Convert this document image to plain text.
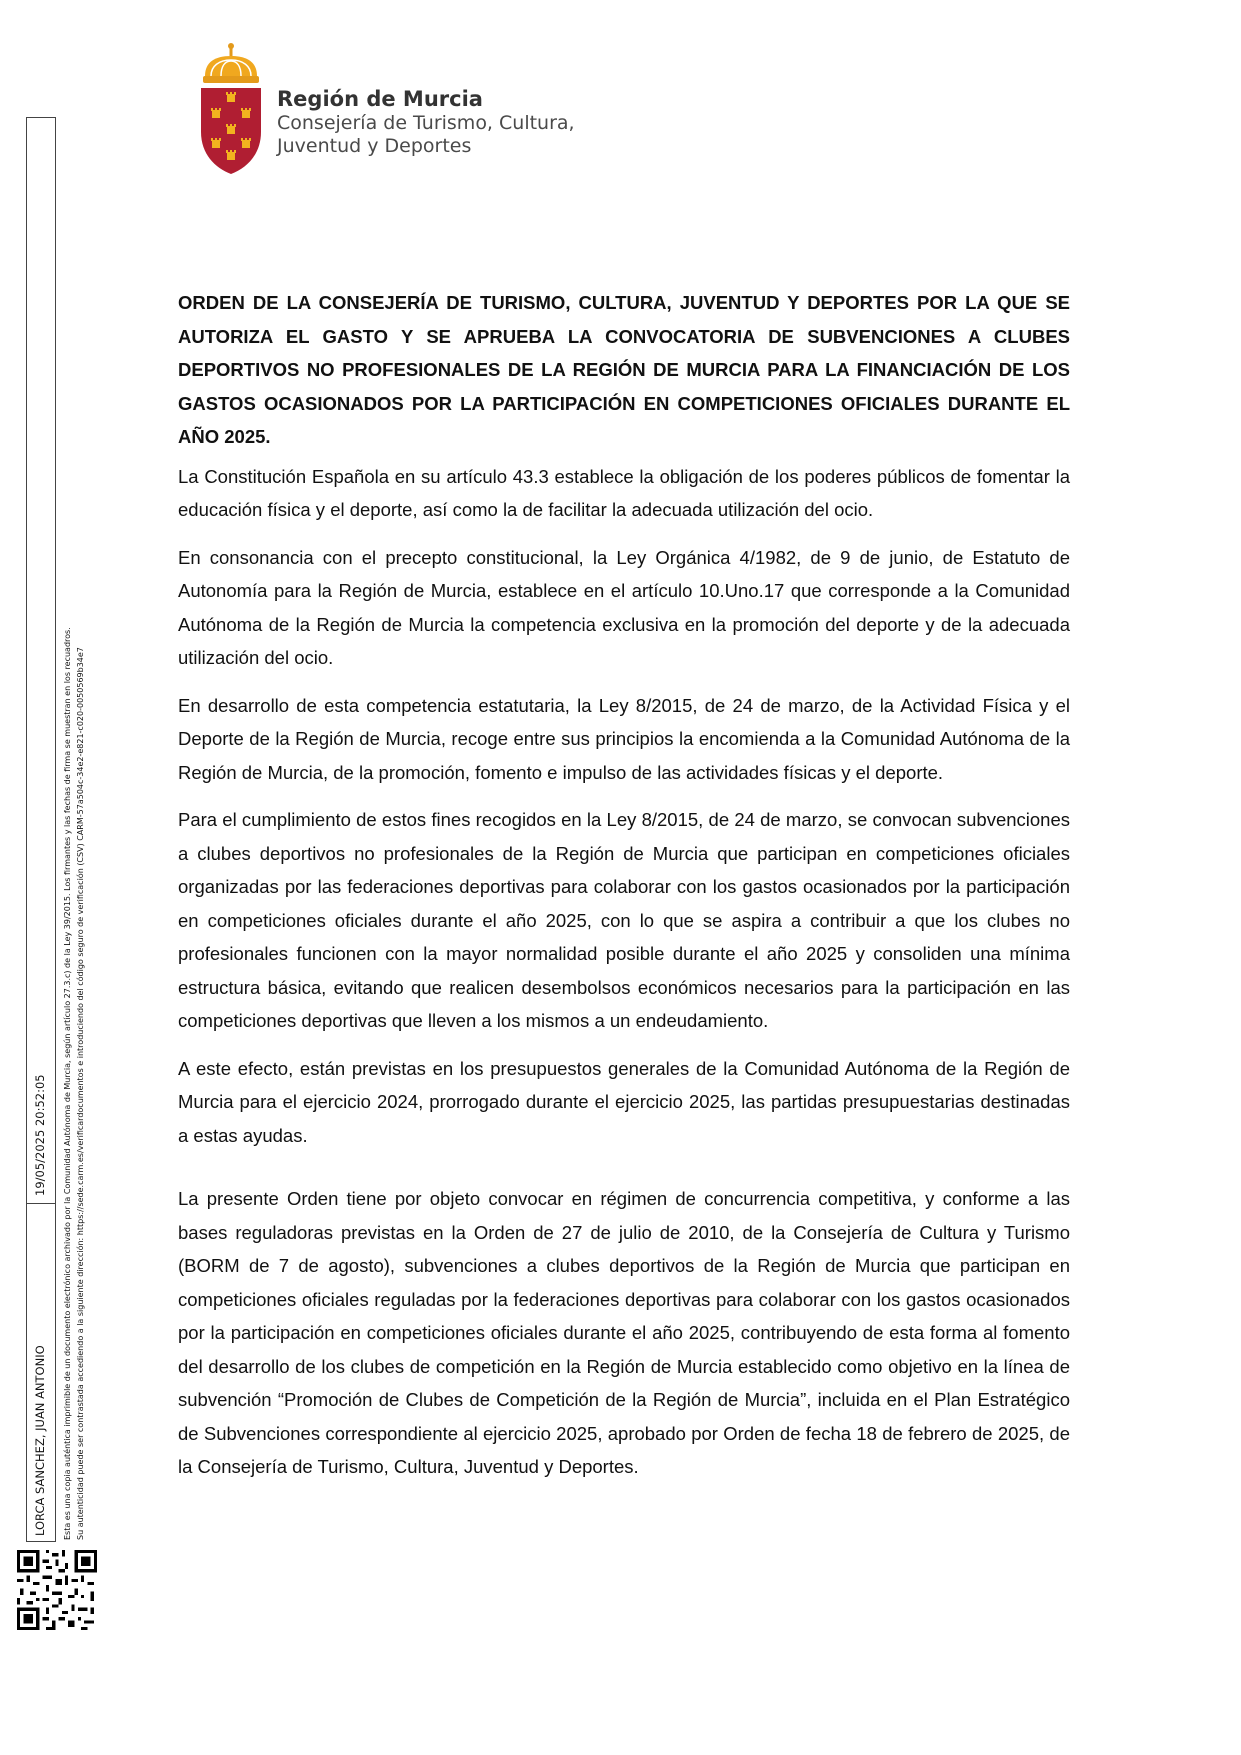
Región de Murcia
Consejería de Turismo, Cultura,
Juventud y Deportes
LORCA SANCHEZ, JUAN ANTONIO
19/05/2025 20:52:05 Esta es una copia auténtica imprimible de un documento electrónico archivado por la Comunidad Autónoma de Murcia, según artículo 27.3.c) de la Ley 39/2015. Los firmantes y las fechas de firma se muestran en los recuadros. Su autenticidad puede ser contrastada accediendo a la siguiente dirección: https://sede.carm.es/verificardocumentos e introduciendo del código seguro de verificación (CSV) CARM-57a504c-34e2-e821-c020-0050569b34e7
ORDEN DE LA CONSEJERÍA DE TURISMO, CULTURA, JUVENTUD Y DEPORTES POR LA QUE SE AUTORIZA EL GASTO Y SE APRUEBA LA CONVOCATORIA DE SUBVENCIONES A CLUBES DEPORTIVOS NO PROFESIONALES DE LA REGIÓN DE MURCIA PARA LA FINANCIACIÓN DE LOS GASTOS OCASIONADOS POR LA PARTICIPACIÓN EN COMPETICIONES OFICIALES DURANTE EL AÑO 2025.

La Constitución Española en su artículo 43.3 establece la obligación de los poderes públicos de fomentar la educación física y el deporte, así como la de facilitar la adecuada utilización del ocio.

En consonancia con el precepto constitucional, la Ley Orgánica 4/1982, de 9 de junio, de Estatuto de Autonomía para la Región de Murcia, establece en el artículo 10.Uno.17 que corresponde a la Comunidad Autónoma de la Región de Murcia la competencia exclusiva en la promoción del deporte y de la adecuada utilización del ocio.

En desarrollo de esta competencia estatutaria, la Ley 8/2015, de 24 de marzo, de la Actividad Física y el Deporte de la Región de Murcia, recoge entre sus principios la encomienda a la Comunidad Autónoma de la Región de Murcia, de la promoción, fomento e impulso de las actividades físicas y el deporte.

Para el cumplimiento de estos fines recogidos en la Ley 8/2015, de 24 de marzo, se convocan subvenciones a clubes deportivos no profesionales de la Región de Murcia que participan en competiciones oficiales organizadas por las federaciones deportivas para colaborar con los gastos ocasionados por la participación en competiciones oficiales durante el año 2025, con lo que se aspira a contribuir a que los clubes no profesionales funcionen con la mayor normalidad posible durante el año 2025 y consoliden una mínima estructura básica, evitando que realicen desembolsos económicos necesarios para la participación en las competiciones deportivas que lleven a los mismos a un endeudamiento.

A este efecto, están previstas en los presupuestos generales de la Comunidad Autónoma de la Región de Murcia para el ejercicio 2024, prorrogado durante el ejercicio 2025, las partidas presupuestarias destinadas a estas ayudas.

La presente Orden tiene por objeto convocar en régimen de concurrencia competitiva, y conforme a las bases reguladoras previstas en la Orden de 27 de julio de 2010, de la Consejería de Cultura y Turismo (BORM de 7 de agosto), subvenciones a clubes deportivos de la Región de Murcia que participan en competiciones oficiales reguladas por la federaciones deportivas para colaborar con los gastos ocasionados por la participación en competiciones oficiales durante el año 2025, contribuyendo de esta forma al fomento del desarrollo de los clubes de competición en la Región de Murcia establecido como objetivo en la línea de subvención “Promoción de Clubes de Competición de la Región de Murcia”, incluida en el Plan Estratégico de Subvenciones correspondiente al ejercicio 2025, aprobado por Orden de fecha 18 de febrero de 2025, de la Consejería de Turismo, Cultura, Juventud y Deportes.
